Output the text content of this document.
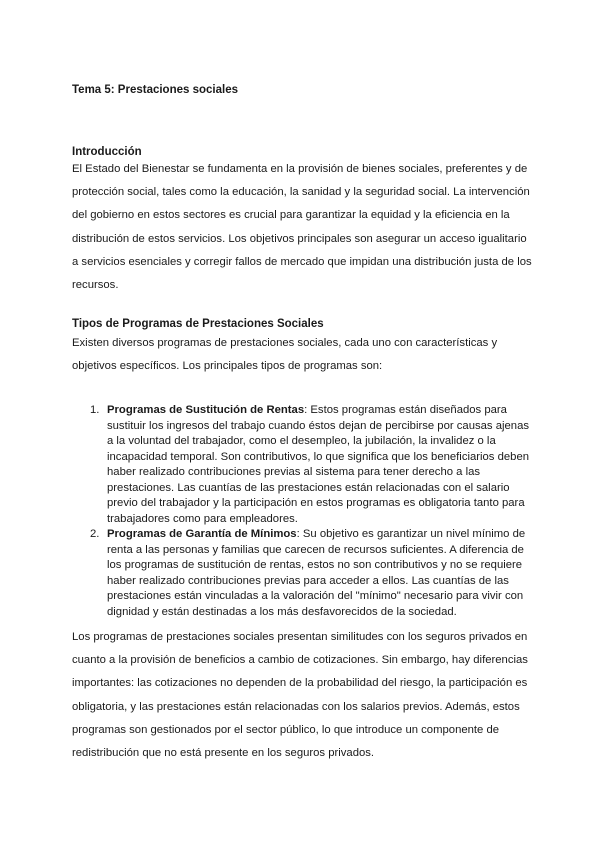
Tema 5: Prestaciones sociales
Introducción

El Estado del Bienestar se fundamenta en la provisión de bienes sociales, preferentes y de protección social, tales como la educación, la sanidad y la seguridad social. La intervención del gobierno en estos sectores es crucial para garantizar la equidad y la eficiencia en la distribución de estos servicios. Los objetivos principales son asegurar un acceso igualitario a servicios esenciales y corregir fallos de mercado que impidan una distribución justa de los recursos.

Tipos de Programas de Prestaciones Sociales

Existen diversos programas de prestaciones sociales, cada uno con características y objetivos específicos. Los principales tipos de programas son:

1. Programas de Sustitución de Rentas: Estos programas están diseñados para sustituir los ingresos del trabajo cuando éstos dejan de percibirse por causas ajenas a la voluntad del trabajador, como el desempleo, la jubilación, la invalidez o la incapacidad temporal. Son contributivos, lo que significa que los beneficiarios deben haber realizado contribuciones previas al sistema para tener derecho a las prestaciones. Las cuantías de las prestaciones están relacionadas con el salario previo del trabajador y la participación en estos programas es obligatoria tanto para trabajadores como para empleadores.
2. Programas de Garantía de Mínimos: Su objetivo es garantizar un nivel mínimo de renta a las personas y familias que carecen de recursos suficientes. A diferencia de los programas de sustitución de rentas, estos no son contributivos y no se requiere haber realizado contribuciones previas para acceder a ellos. Las cuantías de las prestaciones están vinculadas a la valoración del "mínimo" necesario para vivir con dignidad y están destinadas a los más desfavorecidos de la sociedad.

Los programas de prestaciones sociales presentan similitudes con los seguros privados en cuanto a la provisión de beneficios a cambio de cotizaciones. Sin embargo, hay diferencias importantes: las cotizaciones no dependen de la probabilidad del riesgo, la participación es obligatoria, y las prestaciones están relacionadas con los salarios previos. Además, estos programas son gestionados por el sector público, lo que introduce un componente de redistribución que no está presente en los seguros privados.
